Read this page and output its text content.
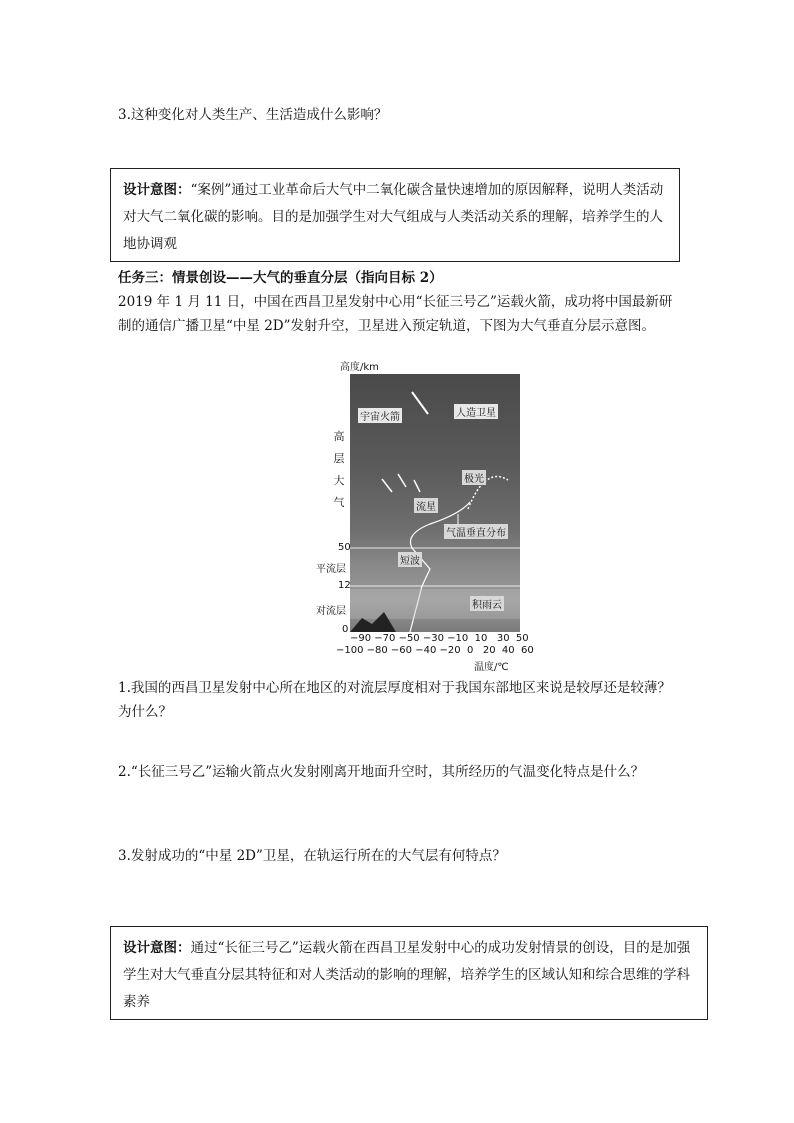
3.这种变化对人类生产、生活造成什么影响？
设计意图：“案例”通过工业革命后大气中二氧化碳含量快速增加的原因解释，说明人类活动对大气二氧化碳的影响。目的是加强学生对大气组成与人类活动关系的理解，培养学生的人地协调观
任务三：情景创设——大气的垂直分层（指向目标 2）
2019 年 1 月 11 日，中国在西昌卫星发射中心用“长征三号乙”运载火箭，成功将中国最新研制的通信广播卫星“中星 2D”发射升空，卫星进入预定轨道，下图为大气垂直分层示意图。
高度/km
宇宙火箭	人造卫星
极光
流星
气温垂直分布
短波
积雨云
高
层
大
气
50
平流层
12
对流层
0
−90 −70 −50 −30 −10  10   30  50
−100 −80 −60 −40 −20  0   20  40  60
温度/℃
1.我国的西昌卫星发射中心所在地区的对流层厚度相对于我国东部地区来说是较厚还是较薄？为什么？
2.“长征三号乙”运输火箭点火发射刚离开地面升空时，其所经历的气温变化特点是什么？
3.发射成功的“中星 2D”卫星，在轨运行所在的大气层有何特点？
设计意图：通过“长征三号乙”运载火箭在西昌卫星发射中心的成功发射情景的创设，目的是加强学生对大气垂直分层其特征和对人类活动的影响的理解，培养学生的区域认知和综合思维的学科素养
